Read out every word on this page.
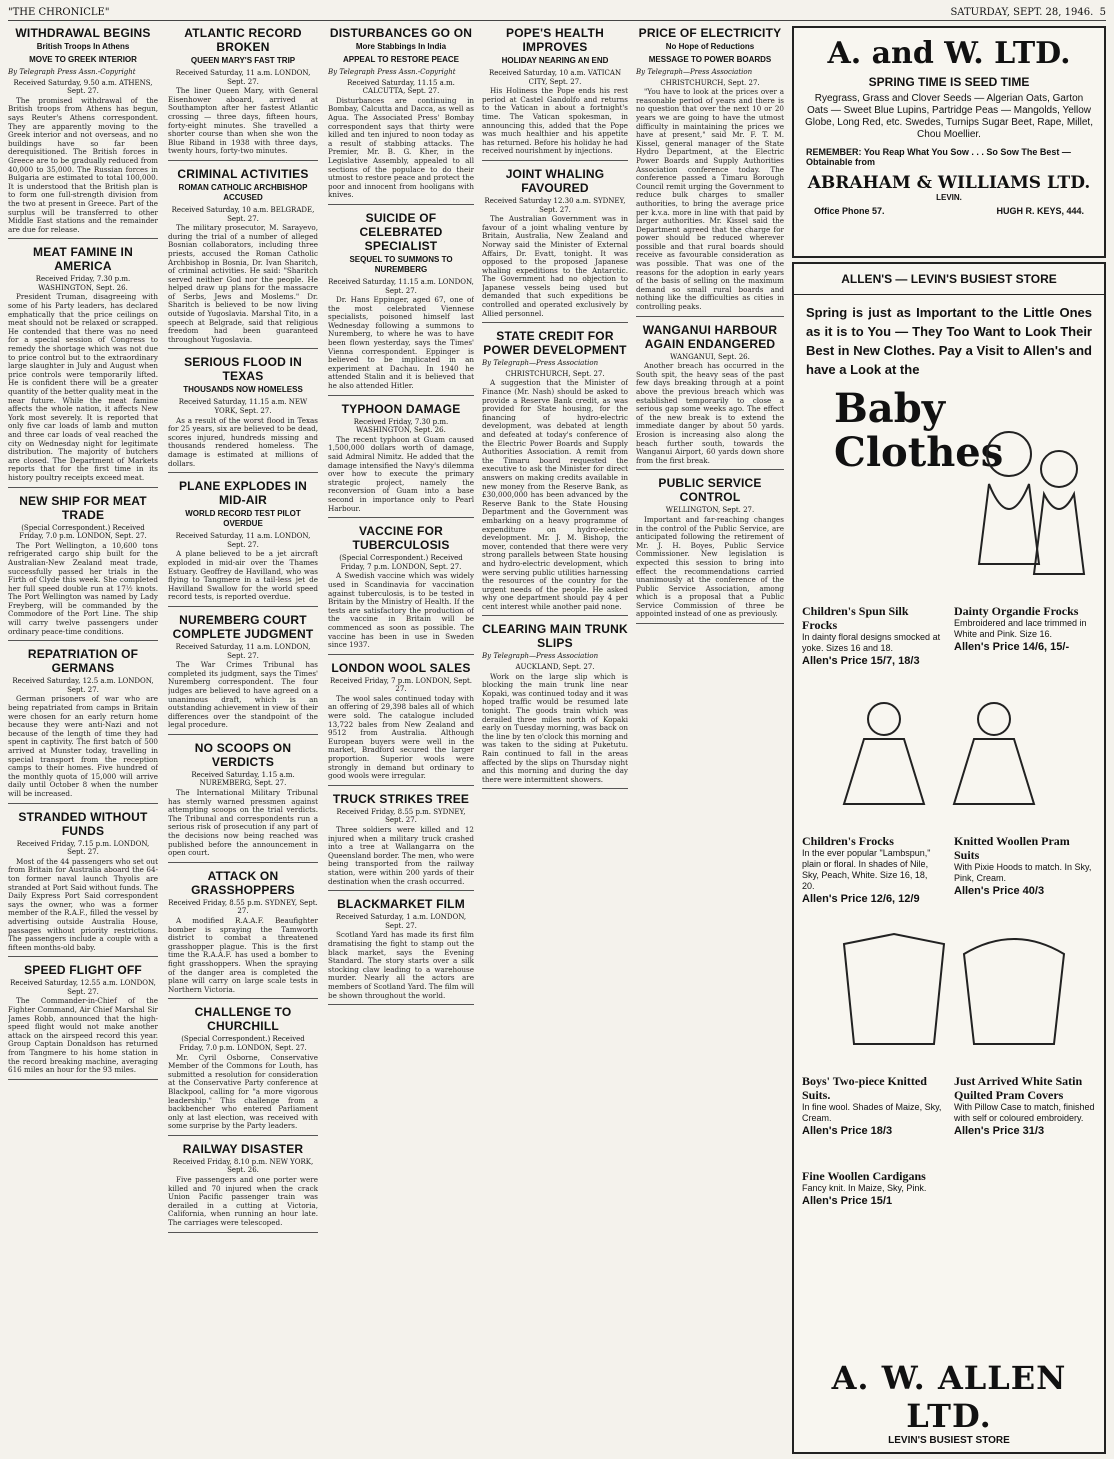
"THE CHRONICLE"	SATURDAY, SEPT. 28, 1946. 5
WITHDRAWAL BEGINS
British Troops In Athens
MOVE TO GREEK INTERIOR
By Telegraph Press Assn.-Copyright
Received Saturday, 9.50 a.m. ATHENS, Sept. 27.

The promised withdrawal of the British troops from Athens has begun, says Reuter's Athens correspondent. They are apparently moving to the Greek interior and not overseas, and no buildings have so far been derequisitioned. The British forces in Greece are to be gradually reduced from 40,000 to 35,000. The Russian forces in Bulgaria are estimated to total 100,000. It is understood that the British plan is to form one full-strength division from the two at present in Greece. Part of the surplus will be transferred to other Middle East stations and the remainder are due for release.

MEAT FAMINE IN AMERICA
Received Friday, 7.30 p.m. WASHINGTON, Sept. 26.

President Truman, disagreeing with some of his Party leaders, has declared emphatically that the price ceilings on meat should not be relaxed or scrapped. He contended that there was no need for a special session of Congress to remedy the shortage which was not due to price control but to the extraordinary large slaughter in July and August when price controls were temporarily lifted. He is confident there will be a greater quantity of the better quality meat in the near future. While the meat famine affects the whole nation, it affects New York most severely. It is reported that only five car loads of lamb and mutton and three car loads of veal reached the city on Wednesday night for legitimate distribution. The majority of butchers are closed. The Department of Markets reports that for the first time in its history poultry receipts exceed meat.

NEW SHIP FOR MEAT TRADE
(Special Correspondent.) Received Friday, 7.0 p.m. LONDON, Sept. 27.

The Port Wellington, a 10,600 tons refrigerated cargo ship built for the Australian-New Zealand meat trade, successfully passed her trials in the Firth of Clyde this week. She completed her full speed double run at 17½ knots. The Port Wellington was named by Lady Freyberg, will be commanded by the Commodore of the Port Line. The ship will carry twelve passengers under ordinary peace-time conditions.

REPATRIATION OF GERMANS
Received Saturday, 12.5 a.m. LONDON, Sept. 27.

German prisoners of war who are being repatriated from camps in Britain were chosen for an early return home because they were anti-Nazi and not because of the length of time they had spent in captivity. The first batch of 500 arrived at Munster today, travelling in special transport from the reception camps to their homes. Five hundred of the monthly quota of 15,000 will arrive daily until October 8 when the number will be increased.

STRANDED WITHOUT FUNDS
Received Friday, 7.15 p.m. LONDON, Sept. 27.

Most of the 44 passengers who set out from Britain for Australia aboard the 64-ton former naval launch Thyolis are stranded at Port Said without funds. The Daily Express Port Said correspondent says the owner, who was a former member of the R.A.F., filled the vessel by advertising outside Australia House, passages without priority restrictions. The passengers include a couple with a fifteen months-old baby.

SPEED FLIGHT OFF
Received Saturday, 12.55 a.m. LONDON, Sept. 27.

The Commander-in-Chief of the Fighter Command, Air Chief Marshal Sir James Robb, announced that the high-speed flight would not make another attack on the airspeed record this year. Group Captain Donaldson has returned from Tangmere to his home station in the record breaking machine, averaging 616 miles an hour for the 93 miles.

ATLANTIC RECORD BROKEN
QUEEN MARY'S FAST TRIP
Received Saturday, 11 a.m. LONDON, Sept. 27.

The liner Queen Mary, with General Eisenhower aboard, arrived at Southampton after her fastest Atlantic crossing — three days, fifteen hours, forty-eight minutes. She travelled a shorter course than when she won the Blue Riband in 1938 with three days, twenty hours, forty-two minutes.

CRIMINAL ACTIVITIES
ROMAN CATHOLIC ARCHBISHOP ACCUSED
Received Saturday, 10 a.m. BELGRADE, Sept. 27.

The military prosecutor, M. Sarayevo, during the trial of a number of alleged Bosnian collaborators, including three priests, accused the Roman Catholic Archbishop in Bosnia, Dr. Ivan Sharitch, of criminal activities. He said: "Sharitch served neither God nor the people. He helped draw up plans for the massacre of Serbs, Jews and Moslems." Dr. Sharitch is believed to be now living outside of Yugoslavia. Marshal Tito, in a speech at Belgrade, said that religious freedom had been guaranteed throughout Yugoslavia.

SERIOUS FLOOD IN TEXAS
THOUSANDS NOW HOMELESS
Received Saturday, 11.15 a.m. NEW YORK, Sept. 27.

As a result of the worst flood in Texas for 25 years, six are believed to be dead, scores injured, hundreds missing and thousands rendered homeless. The damage is estimated at millions of dollars.

PLANE EXPLODES IN MID-AIR
WORLD RECORD TEST PILOT OVERDUE
Received Saturday, 11 a.m. LONDON, Sept. 27.

A plane believed to be a jet aircraft exploded in mid-air over the Thames Estuary. Geoffrey de Havilland, who was flying to Tangmere in a tail-less jet de Havilland Swallow for the world speed record tests, is reported overdue.

NUREMBERG COURT COMPLETE JUDGMENT
Received Saturday, 11 a.m. LONDON, Sept. 27.

The War Crimes Tribunal has completed its judgment, says the Times' Nuremberg correspondent. The four judges are believed to have agreed on a unanimous draft, which is an outstanding achievement in view of their differences over the standpoint of the legal procedure.

NO SCOOPS ON VERDICTS
Received Saturday, 1.15 a.m. NUREMBERG, Sept. 27.

The International Military Tribunal has sternly warned pressmen against attempting scoops on the trial verdicts. The Tribunal and correspondents run a serious risk of prosecution if any part of the decisions now being reached was published before the announcement in open court.

ATTACK ON GRASSHOPPERS
Received Friday, 8.55 p.m. SYDNEY, Sept. 27.

A modified R.A.A.F. Beaufighter bomber is spraying the Tamworth district to combat a threatened grasshopper plague. This is the first time the R.A.A.F. has used a bomber to fight grasshoppers. When the spraying of the danger area is completed the plane will carry on large scale tests in Northern Victoria.

CHALLENGE TO CHURCHILL
(Special Correspondent.) Received Friday, 7.0 p.m. LONDON, Sept. 27.

Mr. Cyril Osborne, Conservative Member of the Commons for Louth, has submitted a resolution for consideration at the Conservative Party conference at Blackpool, calling for "a more vigorous leadership." This challenge from a backbencher who entered Parliament only at last election, was received with some surprise by the Party leaders.

RAILWAY DISASTER
Received Friday, 8.10 p.m. NEW YORK, Sept. 26.

Five passengers and one porter were killed and 70 injured when the crack Union Pacific passenger train was derailed in a cutting at Victoria, California, when running an hour late. The carriages were telescoped.

DISTURBANCES GO ON
More Stabbings In India
APPEAL TO RESTORE PEACE
By Telegraph Press Assn.-Copyright
Received Saturday, 11.15 a.m. CALCUTTA, Sept. 27.

Disturbances are continuing in Bombay, Calcutta and Dacca, as well as Agua. The Associated Press' Bombay correspondent says that thirty were killed and ten injured to noon today as a result of stabbing attacks. The Premier, Mr. B. G. Kher, in the Legislative Assembly, appealed to all sections of the populace to do their utmost to restore peace and protect the poor and innocent from hooligans with knives.

SUICIDE OF CELEBRATED SPECIALIST
SEQUEL TO SUMMONS TO NUREMBERG
Received Saturday, 11.15 a.m. LONDON, Sept. 27.

Dr. Hans Eppinger, aged 67, one of the most celebrated Viennese specialists, poisoned himself last Wednesday following a summons to Nuremberg, to where he was to have been flown yesterday, says the Times' Vienna correspondent. Eppinger is believed to be implicated in an experiment at Dachau. In 1940 he attended Stalin and it is believed that he also attended Hitler.

TYPHOON DAMAGE
Received Friday, 7.30 p.m. WASHINGTON, Sept. 26.

The recent typhoon at Guam caused 1,500,000 dollars worth of damage, said Admiral Nimitz. He added that the damage intensified the Navy's dilemma over how to execute the primary strategic project, namely the reconversion of Guam into a base second in importance only to Pearl Harbour.

VACCINE FOR TUBERCULOSIS
(Special Correspondent.) Received Friday, 7 p.m. LONDON, Sept. 27.

A Swedish vaccine which was widely used in Scandinavia for vaccination against tuberculosis, is to be tested in Britain by the Ministry of Health. If the tests are satisfactory the production of the vaccine in Britain will be commenced as soon as possible. The vaccine has been in use in Sweden since 1937.

LONDON WOOL SALES
Received Friday, 7 p.m. LONDON, Sept. 27.

The wool sales continued today with an offering of 29,398 bales all of which were sold. The catalogue included 13,722 bales from New Zealand and 9512 from Australia. Although European buyers were well in the market, Bradford secured the larger proportion. Superior wools were strongly in demand but ordinary to good wools were irregular.

TRUCK STRIKES TREE
Received Friday, 8.55 p.m. SYDNEY, Sept. 27.

Three soldiers were killed and 12 injured when a military truck crashed into a tree at Wallangarra on the Queensland border. The men, who were being transported from the railway station, were within 200 yards of their destination when the crash occurred.

BLACKMARKET FILM
Received Saturday, 1 a.m. LONDON, Sept. 27.

Scotland Yard has made its first film dramatising the fight to stamp out the black market, says the Evening Standard. The story starts over a silk stocking claw leading to a warehouse murder. Nearly all the actors are members of Scotland Yard. The film will be shown throughout the world.

POPE'S HEALTH IMPROVES
HOLIDAY NEARING AN END
Received Saturday, 10 a.m. VATICAN CITY, Sept. 27.

His Holiness the Pope ends his rest period at Castel Gandolfo and returns to the Vatican in about a fortnight's time. The Vatican spokesman, in announcing this, added that the Pope was much healthier and his appetite has returned. Before his holiday he had received nourishment by injections.

JOINT WHALING FAVOURED
Received Saturday 12.30 a.m. SYDNEY, Sept. 27.

The Australian Government was in favour of a joint whaling venture by Britain, Australia, New Zealand and Norway said the Minister of External Affairs, Dr. Evatt, tonight. It was opposed to the proposed Japanese whaling expeditions to the Antarctic. The Government had no objection to Japanese vessels being used but demanded that such expeditions be controlled and operated exclusively by Allied personnel.

STATE CREDIT FOR POWER DEVELOPMENT
By Telegraph—Press Association
CHRISTCHURCH, Sept. 27.

A suggestion that the Minister of Finance (Mr. Nash) should be asked to provide a Reserve Bank credit, as was provided for State housing, for the financing of hydro-electric development, was debated at length and defeated at today's conference of the Electric Power Boards and Supply Authorities Association. A remit from the Timaru board requested the executive to ask the Minister for direct answers on making credits available in new money from the Reserve Bank, as £30,000,000 has been advanced by the Reserve Bank to the State Housing Department and the Government was embarking on a heavy programme of expenditure on hydro-electric development. Mr. J. M. Bishop, the mover, contended that there were very strong parallels between State housing and hydro-electric development, which were serving public utilities harnessing the resources of the country for the urgent needs of the people. He asked why one department should pay 4 per cent interest while another paid none.

CLEARING MAIN TRUNK SLIPS
By Telegraph—Press Association
AUCKLAND, Sept. 27.

Work on the large slip which is blocking the main trunk line near Kopaki, was continued today and it was hoped traffic would be resumed late tonight. The goods train which was derailed three miles north of Kopaki early on Tuesday morning, was back on the line by ten o'clock this morning and was taken to the siding at Puketutu. Rain continued to fall in the areas affected by the slips on Thursday night and this morning and during the day there were intermittent showers.

PRICE OF ELECTRICITY
No Hope of Reductions
MESSAGE TO POWER BOARDS
By Telegraph—Press Association
CHRISTCHURCH, Sept. 27.

"You have to look at the prices over a reasonable period of years and there is no question that over the next 10 or 20 years we are going to have the utmost difficulty in maintaining the prices we have at present," said Mr. F. T. M. Kissel, general manager of the State Hydro Department, at the Electric Power Boards and Supply Authorities Association conference today. The conference passed a Timaru Borough Council remit urging the Government to reduce bulk charges to smaller authorities, to bring the average price per k.v.a. more in line with that paid by larger authorities. Mr. Kissel said the Department agreed that the charge for power should be reduced wherever possible and that rural boards should receive as favourable consideration as was possible. That was one of the reasons for the adoption in early years of the basis of selling on the maximum demand so small rural boards and nothing like the difficulties as cities in controlling peaks.

WANGANUI HARBOUR AGAIN ENDANGERED
WANGANUI, Sept. 26.

Another breach has occurred in the South spit, the heavy seas of the past few days breaking through at a point above the previous breach which was established temporarily to close a serious gap some weeks ago. The effect of the new break is to extend the immediate danger by about 50 yards. Erosion is increasing also along the beach further south, towards the Wanganui Airport, 60 yards down shore from the first break.

PUBLIC SERVICE CONTROL
WELLINGTON, Sept. 27.

Important and far-reaching changes in the control of the Public Service, are anticipated following the retirement of Mr. J. H. Boyes, Public Service Commissioner. New legislation is expected this session to bring into effect the recommendations carried unanimously at the conference of the Public Service Association, among which is a proposal that a Public Service Commission of three be appointed instead of one as previously.

A. and W. LTD.
SPRING TIME IS SEED TIME
Ryegrass, Grass and Clover Seeds — Algerian Oats, Garton Oats — Sweet Blue Lupins, Partridge Peas — Mangolds, Yellow Globe, Long Red, etc. Swedes, Turnips Sugar Beet, Rape, Millet, Chou Moellier.
REMEMBER: You Reap What You Sow . . . So Sow The Best — Obtainable from
ABRAHAM & WILLIAMS LTD.
LEVIN.
Office Phone 57.	HUGH R. KEYS, 444.
ALLEN'S — LEVIN'S BUSIEST STORE
Spring is just as Important to the Little Ones as it is to You — They Too Want to Look Their Best in New Clothes. Pay a Visit to Allen's and have a Look at the
Baby Clothes
Children's Spun Silk Frocks
In dainty floral designs smocked at yoke. Sizes 16 and 18.
Allen's Price 15/7, 18/3
Dainty Organdie Frocks
Embroidered and lace trimmed in White and Pink. Size 16.
Allen's Price 14/6, 15/-
Children's Frocks
In the ever popular "Lambspun," plain or floral. In shades of Nile, Sky, Peach, White. Size 16, 18, 20.
Allen's Price 12/6, 12/9
Knitted Woollen Pram Suits
With Pixie Hoods to match. In Sky, Pink, Cream.
Allen's Price 40/3
Boys' Two-piece Knitted Suits.
In fine wool. Shades of Maize, Sky, Cream.
Allen's Price 18/3
Just Arrived White Satin Quilted Pram Covers
With Pillow Case to match, finished with self or coloured embroidery.
Allen's Price 31/3
Fine Woollen Cardigans
Fancy knit. In Maize, Sky, Pink.
Allen's Price 15/1
A. W. ALLEN LTD.
LEVIN'S BUSIEST STORE
